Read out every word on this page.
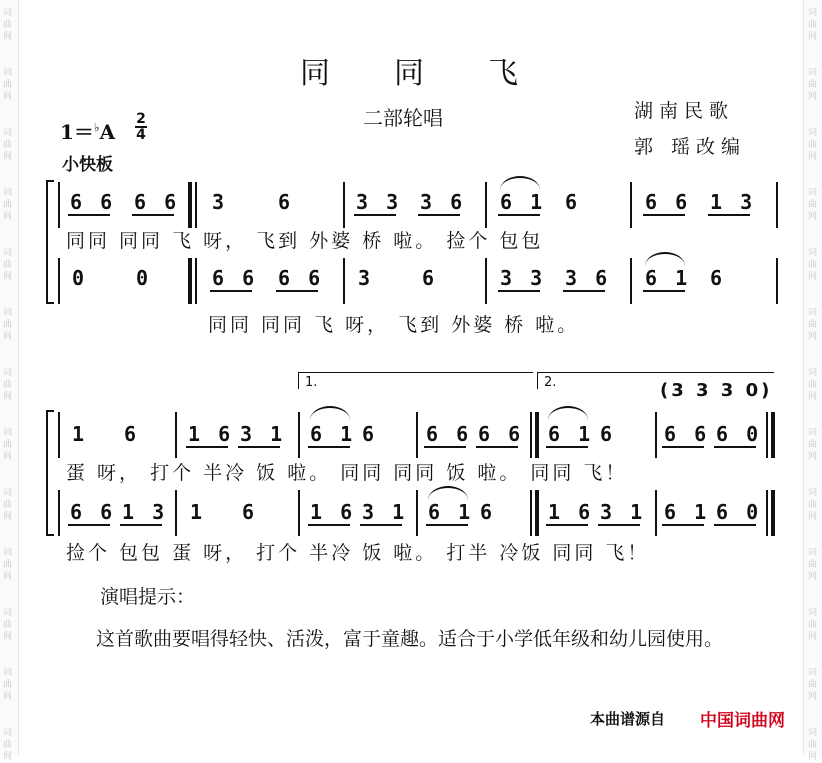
词
曲
网
词
曲
网
词
曲
网
词
曲
网
词
曲
网
词
曲
网
词
曲
网
词
曲
网
词
曲
网
词
曲
网
词
曲
网
词
曲
网
词
曲
网
词
曲
网
词
曲
网
词
曲
网
词
曲
网
词
曲
网
词
曲
网
词
曲
网
词
曲
网
词
曲
网
词
曲
网
词
曲
网
词
曲
网
词
曲
网
同 同 飞
1＝♭A
2
4
小快板
二部轮唱	湖南民歌
郭 瑶改编
6 6 6 6 3	6	3 3 3 6 6 1 6	6 6 1 3
同同 同同 飞 呀， 飞到 外婆 桥 啦。 捡个 包包
0 0	6 6 6 6 3 6	3 3 3 6 6 1 6
同同 同同 飞 呀， 飞到 外婆 桥 啦。
1.	2.	(3 3 3 0)
1 6 1 6 3 1 6 1 6 6 6 6 6 6 1 6 6 6 6 0
蛋 呀， 打个 半冷 饭 啦。 同同 同同 饭 啦。 同同 飞！
6 6 1 3 1 6	1 6 3 1 6 1 6	1 6 3 1 6 1 6 0
捡个 包包 蛋 呀， 打个 半冷 饭 啦。 打半 冷饭 同同 飞！
演唱提示：
这首歌曲要唱得轻快、活泼，富于童趣。适合于小学低年级和幼儿园使用。
本曲谱源自 中国词曲网
